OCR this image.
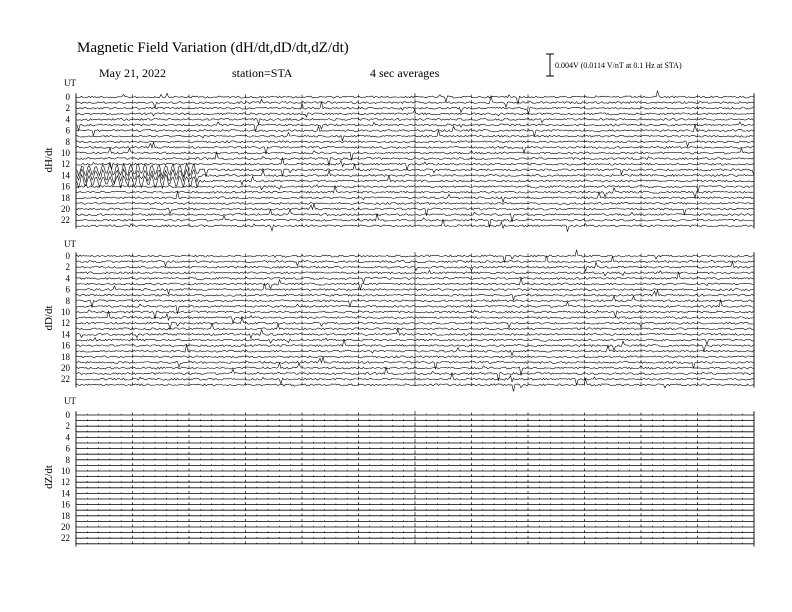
Magnetic Field Variation (dH/dt,dD/dt,dZ/dt)
May 21, 2022	station=STA	4 sec averages
0.004V (0.0114 V/nT at 0.1 Hz at STA)
UT
dH/dt
0
2
4
6
8
10
12
14
16
18
20
22
UT
dD/dt
0
2
4
6
8
10
12
14
16
18
20
22
UT
dZ/dt
0
2
4
6
8
10
12
14
16
18
20
22
